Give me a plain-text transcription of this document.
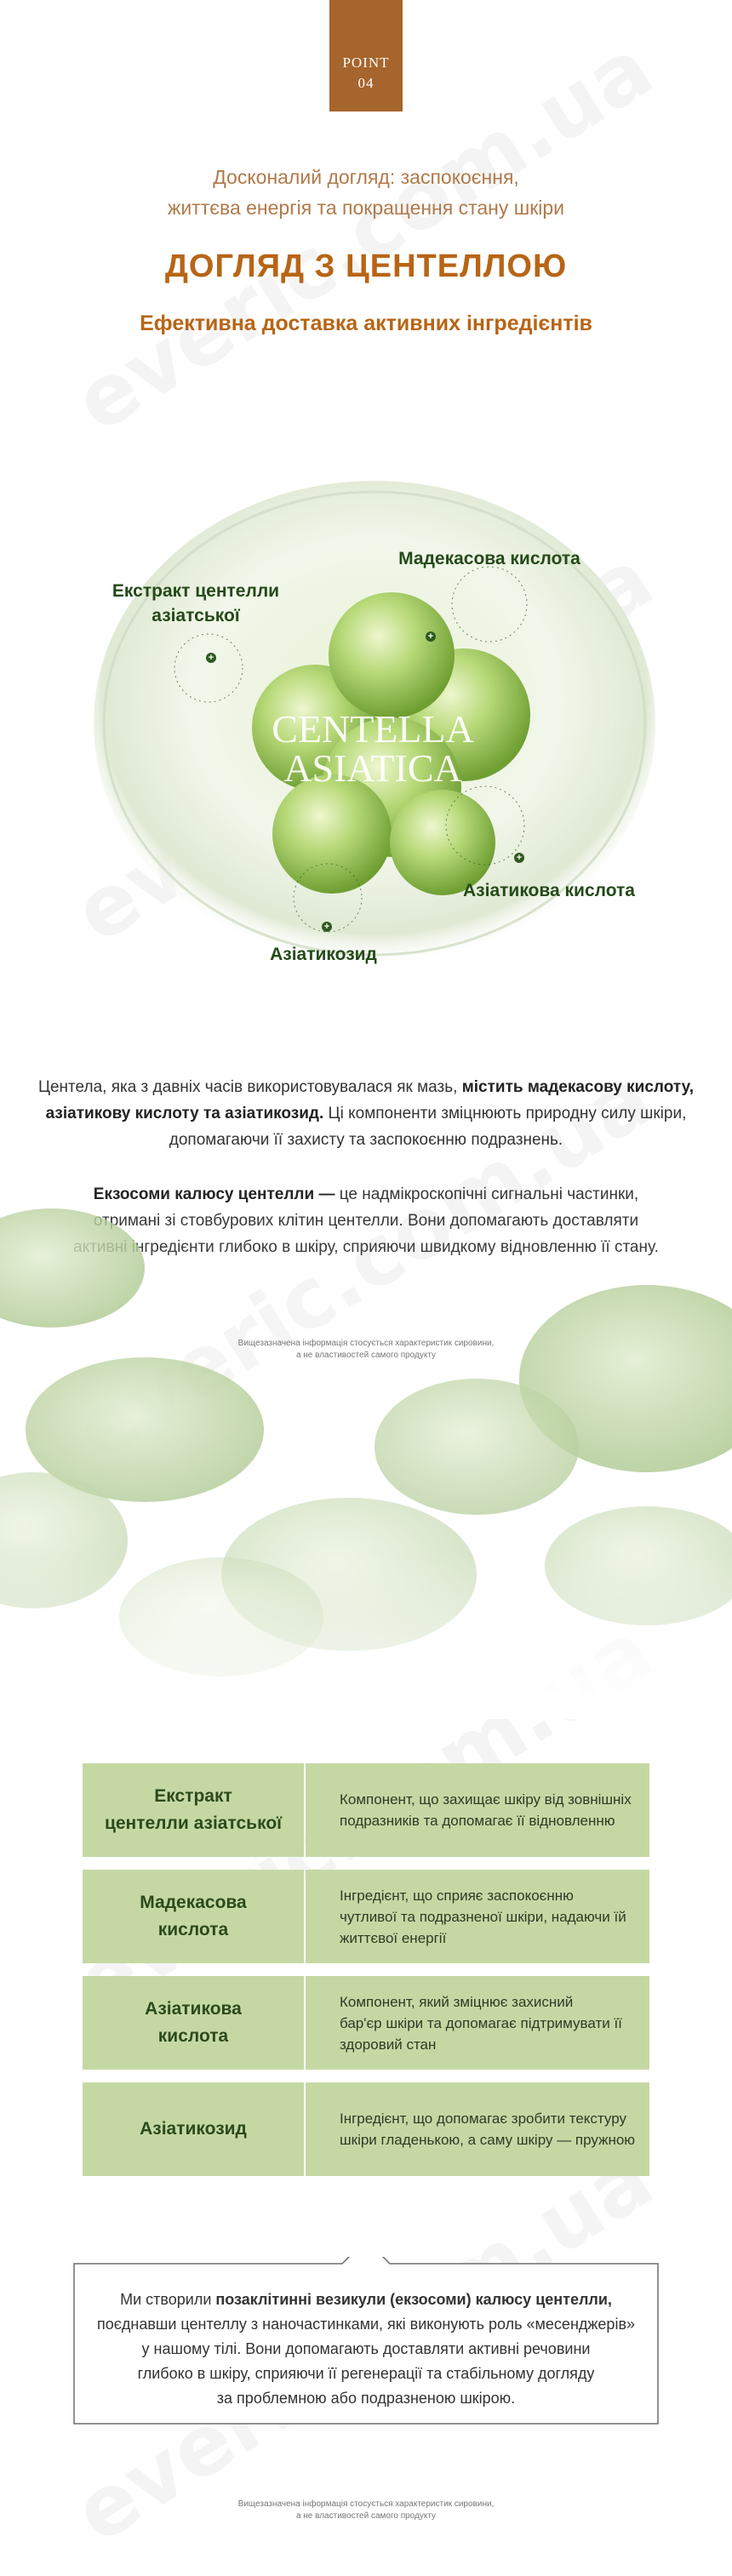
POINT
04
Досконалий догляд: заспокоєння,
життєва енергія та покращення стану шкіри
ДОГЛЯД З ЦЕНТЕЛЛОЮ
Ефективна доставка активних інгредієнтів
CENTELLA
ASIATICA
Екстракт центелли
азіатської
+
Мадекасова кислота
+
Азіатикова кислота
+
Азіатикозид
+
Центела, яка з давніх часів використовувалася як мазь, містить мадекасову кислоту,
азіатикову кислоту та азіатикозид. Ці компоненти зміцнюють природну силу шкіри,
допомагаючи її захисту та заспокоєнню подразнень.
Вищезазначена інформація стосується характеристик сировини,
а не властивостей самого продукту
Екстракт
центелли азіатської
Компонент, що захищає шкіру від зовнішніх
подразників та допомагає її відновленню
Мадекасова
кислота
Інгредієнт, що сприяє заспокоєнню
чутливої та подразненої шкіри, надаючи їй
життєвої енергії
Азіатикова
кислота
Компонент, який зміцнює захисний
бар'єр шкіри та допомагає підтримувати її
здоровий стан
Азіатикозид
Інгредієнт, що допомагає зробити текстуру
шкіри гладенькою, а саму шкіру — пружною
Ми створили позаклітинні везикули (екзосоми) калюсу центелли,
поєднавши центеллу з наночастинками, які виконують роль «месенджерів»
у нашому тілі. Вони допомагають доставляти активні речовини
глибоко в шкіру, сприяючи її регенерації та стабільному догляду
за проблемною або подразненою шкірою.
Вищезазначена інформація стосується характеристик сировини,
а не властивостей самого продукту
